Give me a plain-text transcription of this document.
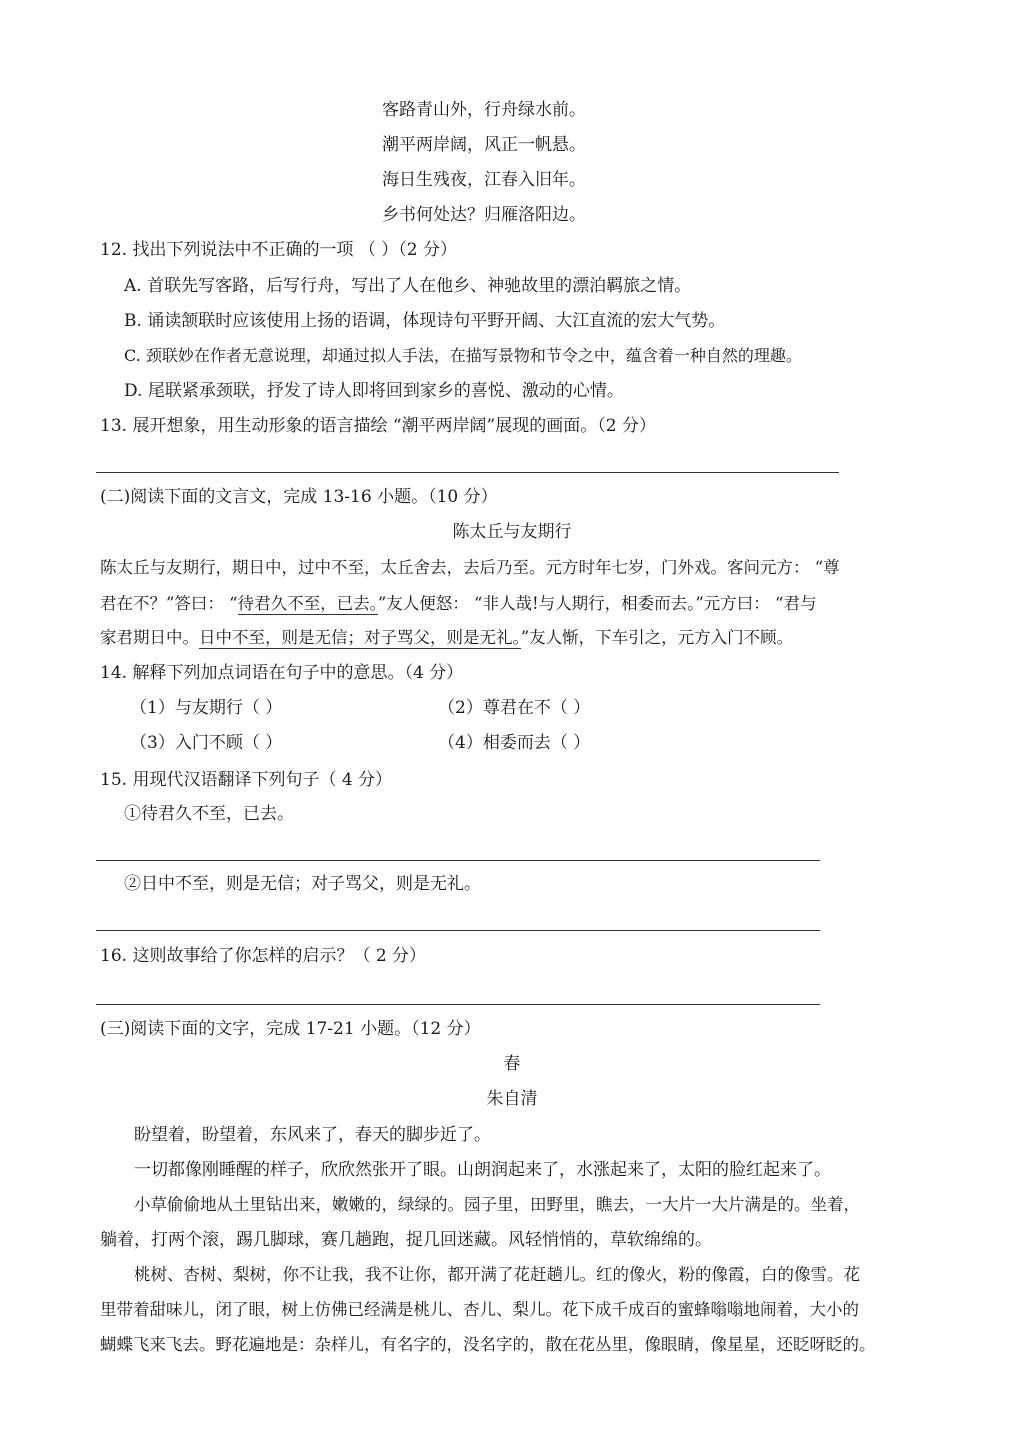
客路青山外，行舟绿水前。
潮平两岸阔，风正一帆悬。
海日生残夜，江春入旧年。
乡书何处达？归雁洛阳边。
12. 找出下列说法中不正确的一项 （ ）（2 分）
A. 首联先写客路，后写行舟，写出了人在他乡、神驰故里的漂泊羁旅之情。
B. 诵读颔联时应该使用上扬的语调，体现诗句平野开阔、大江直流的宏大气势。
C. 颈联妙在作者无意说理，却通过拟人手法，在描写景物和节令之中，蕴含着一种自然的理趣。
D. 尾联紧承颈联，抒发了诗人即将回到家乡的喜悦、激动的心情。
13. 展开想象，用生动形象的语言描绘 “潮平两岸阔”展现的画面。（2 分）
(二)阅读下面的文言文，完成 13-16 小题。（10 分）
陈太丘与友期行
陈太丘与友期行，期日中，过中不至，太丘舍去，去后乃至。元方时年七岁，门外戏。客问元方： “尊
君在不？”答曰： “待君久不至，已去。”友人便怒： “非人哉!与人期行，相委而去。”元方曰： “君与
家君期日中。日中不至，则是无信；对子骂父，则是无礼。”友人惭，下车引之，元方入门不顾。
14. 解释下列加点词语在句子中的意思。（4 分）
（1）与友期行（ ）	（2）尊君在不（ ）
（3）入门不顾（ ）	（4）相委而去（ ）
15. 用现代汉语翻译下列句子（ 4 分）
①待君久不至，已去。
②日中不至，则是无信；对子骂父，则是无礼。
16. 这则故事给了你怎样的启示？（ 2 分）
(三)阅读下面的文字，完成 17-21 小题。（12 分）
春
朱自清
盼望着，盼望着，东风来了，春天的脚步近了。
一切都像刚睡醒的样子，欣欣然张开了眼。山朗润起来了，水涨起来了，太阳的脸红起来了。
小草偷偷地从土里钻出来，嫩嫩的，绿绿的。园子里，田野里，瞧去，一大片一大片满是的。坐着，
躺着，打两个滚，踢几脚球，赛几趟跑，捉几回迷藏。风轻悄悄的，草软绵绵的。
桃树、杏树、梨树，你不让我，我不让你，都开满了花赶趟儿。红的像火，粉的像霞，白的像雪。花
里带着甜味儿，闭了眼，树上仿佛已经满是桃儿、杏儿、梨儿。花下成千成百的蜜蜂嗡嗡地闹着，大小的
蝴蝶飞来飞去。野花遍地是：杂样儿，有名字的，没名字的，散在花丛里，像眼睛，像星星，还眨呀眨的。
